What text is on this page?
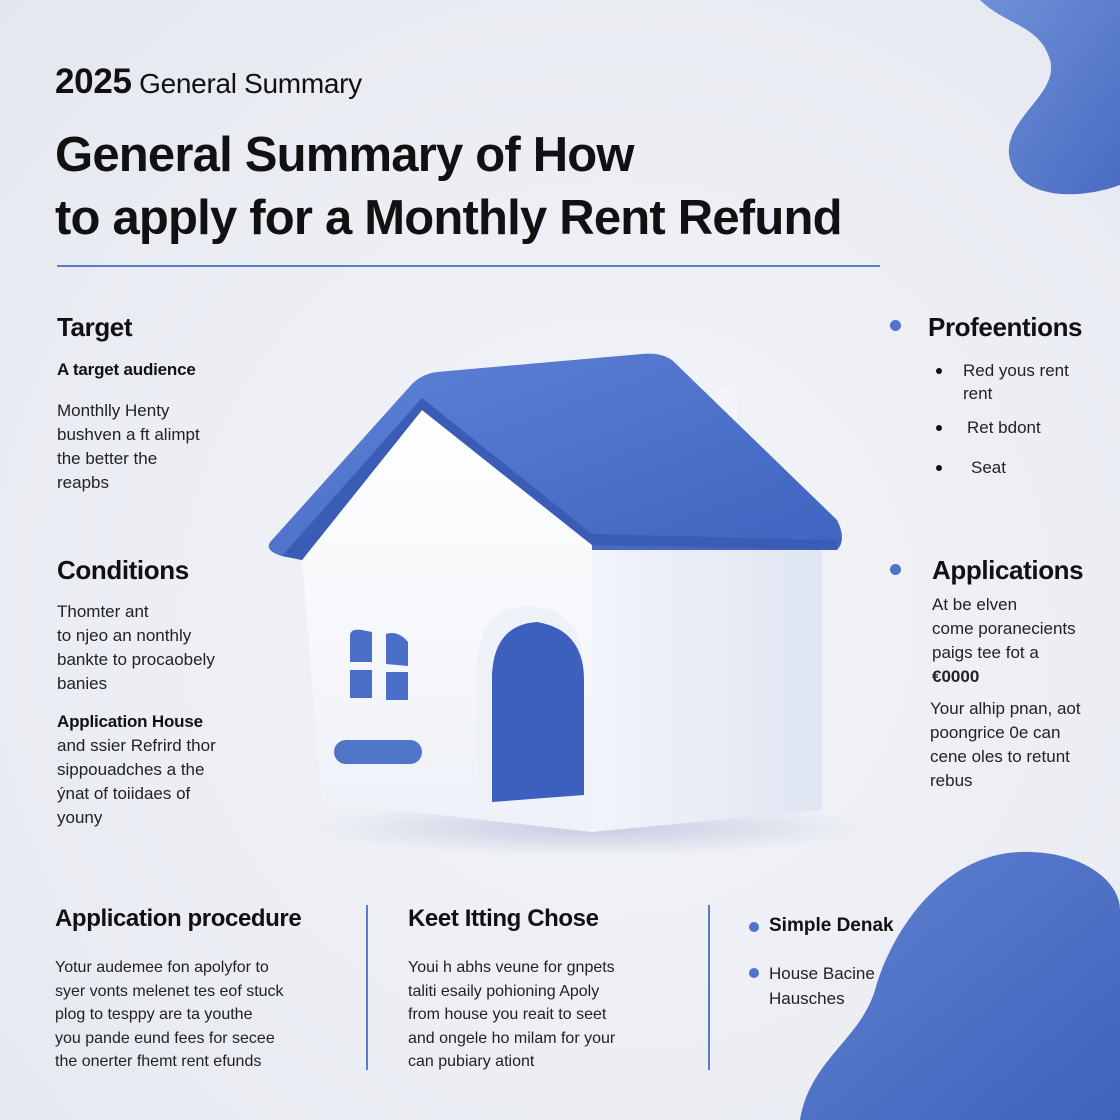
2025 General Summary
General Summary of How
to apply for a Monthly Rent Refund
Target
A target audience
Monthlly Henty
bushven a ft alimpt
the better the
reapbs
Conditions
Thomter ant
to njeo an nonthly
bankte to procaobely
banies
Application House
and ssier Refrird thor
sippouadches a the
ýnat of toiidaes of
youny
Profeentions
Red yous rent rent
Ret bdont
Seat
Applications
At be elven
come poranecients
paigs tee fot a
€0000
Your alhip pnan, aot
poongrice 0e can
cene oles to retunt
rebus
Application procedure
Yotur audemee fon apolyfor to
syer vonts melenet tes eof stuck
plog to tesppy are ta youthe
you pande eund fees for secee
the onerter fhemt rent efunds
Keet Itting Chose
Youi h abhs veune for gnpets
taliti esaily pohioning Apoly
from house you reait to seet
and ongele ho milam for your
can pubiary ationt
Simple Denak
House Bacine
Hausches
